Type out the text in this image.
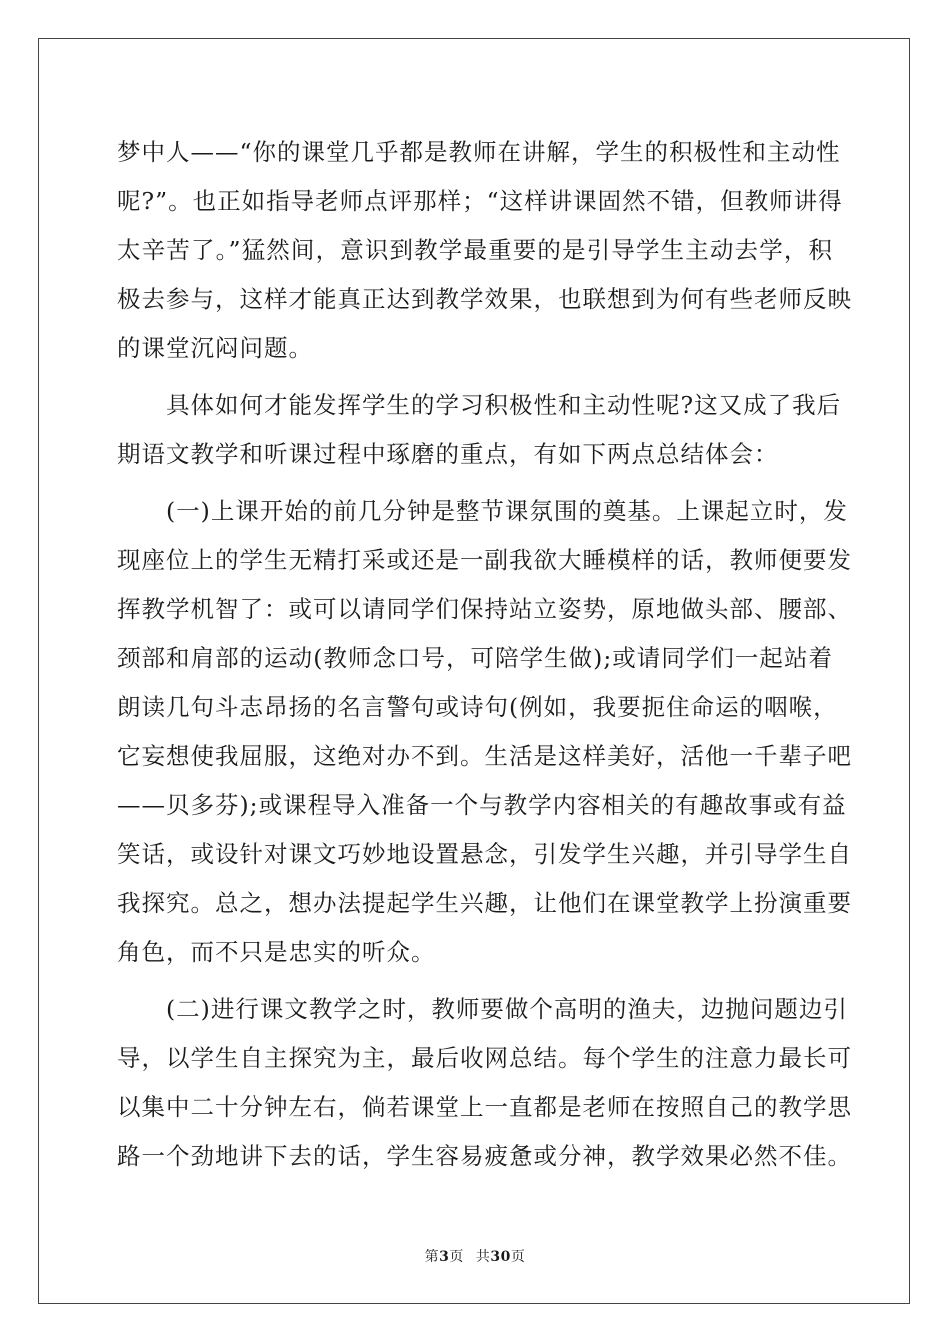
梦中人——“你的课堂几乎都是教师在讲解，学生的积极性和主动性
呢?”。也正如指导老师点评那样；“这样讲课固然不错，但教师讲得
太辛苦了。”猛然间，意识到教学最重要的是引导学生主动去学，积
极去参与，这样才能真正达到教学效果，也联想到为何有些老师反映
的课堂沉闷问题。
　　具体如何才能发挥学生的学习积极性和主动性呢?这又成了我后
期语文教学和听课过程中琢磨的重点，有如下两点总结体会：
　　(一)上课开始的前几分钟是整节课氛围的奠基。上课起立时，发
现座位上的学生无精打采或还是一副我欲大睡模样的话，教师便要发
挥教学机智了：或可以请同学们保持站立姿势，原地做头部、腰部、
颈部和肩部的运动(教师念口号，可陪学生做);或请同学们一起站着
朗读几句斗志昂扬的名言警句或诗句(例如，我要扼住命运的咽喉，
它妄想使我屈服，这绝对办不到。生活是这样美好，活他一千辈子吧
——贝多芬);或课程导入准备一个与教学内容相关的有趣故事或有益
笑话，或设针对课文巧妙地设置悬念，引发学生兴趣，并引导学生自
我探究。总之，想办法提起学生兴趣，让他们在课堂教学上扮演重要
角色，而不只是忠实的听众。
　　(二)进行课文教学之时，教师要做个高明的渔夫，边抛问题边引
导，以学生自主探究为主，最后收网总结。每个学生的注意力最长可
以集中二十分钟左右，倘若课堂上一直都是老师在按照自己的教学思
路一个劲地讲下去的话，学生容易疲惫或分神，教学效果必然不佳。
第3页 共30页
